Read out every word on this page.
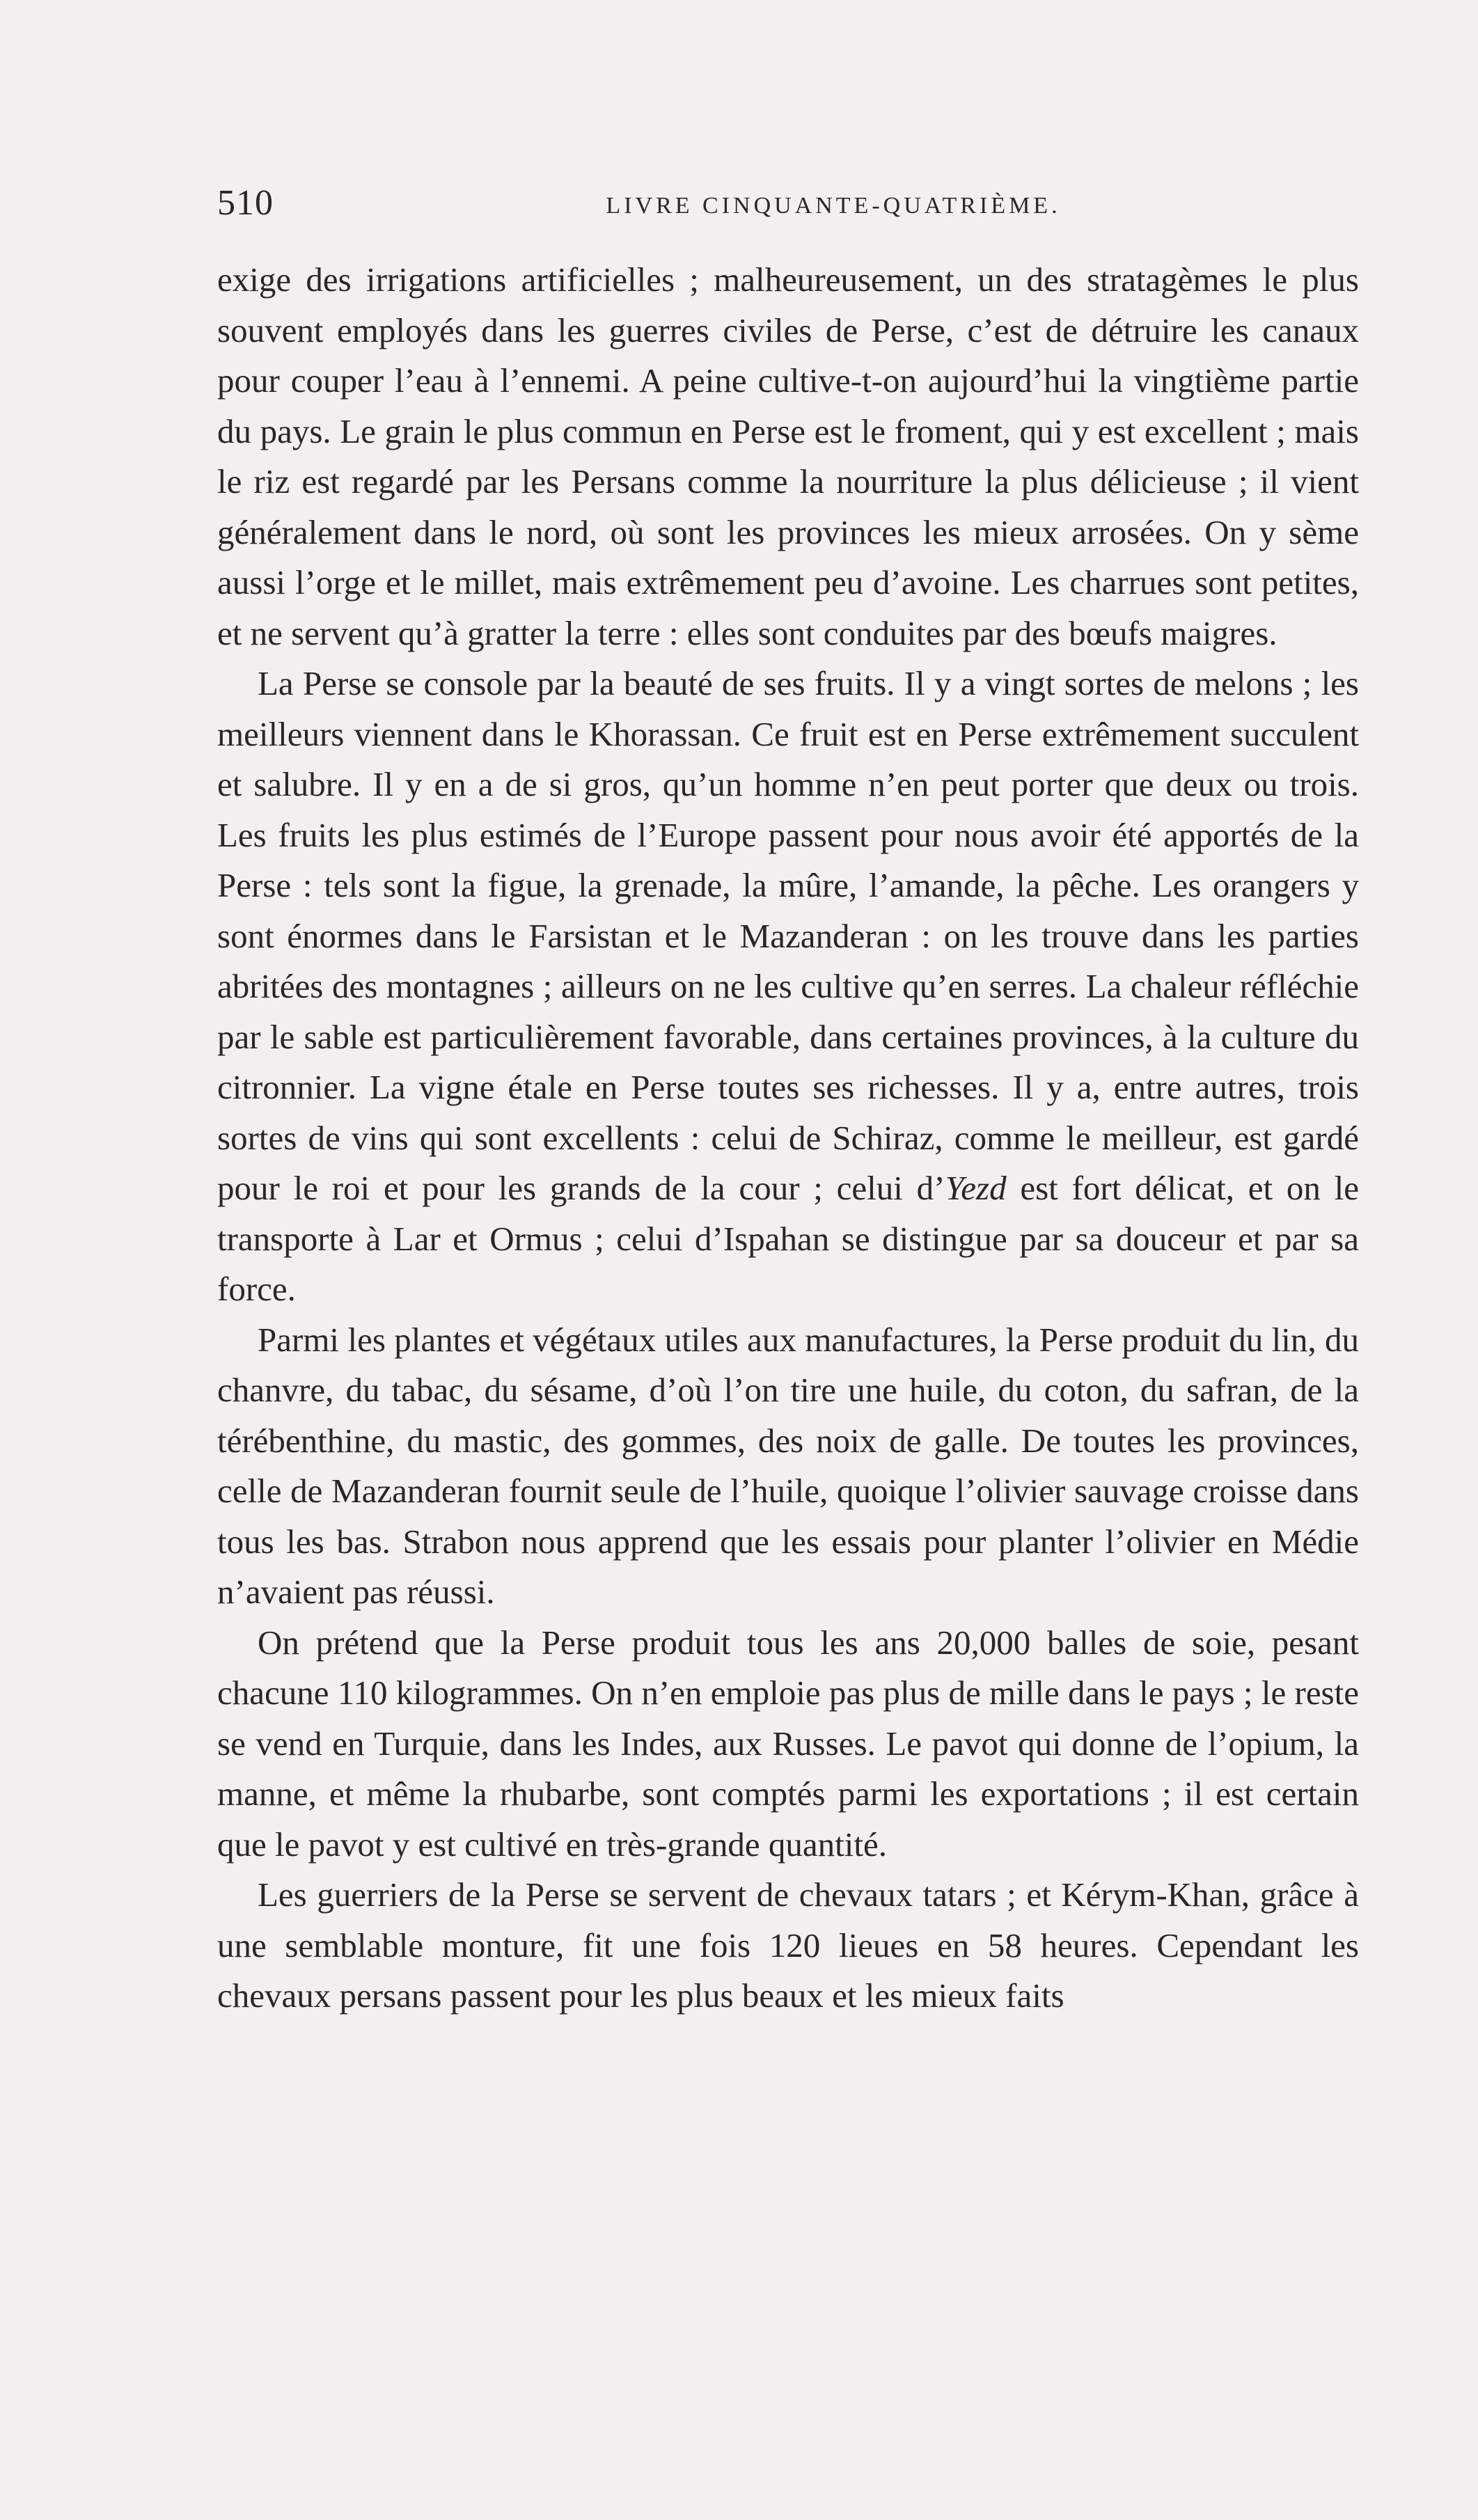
510	LIVRE CINQUANTE-QUATRIÈME.

exige des irrigations artificielles ; malheureusement, un des stratagèmes le plus souvent employés dans les guerres civiles de Perse, c’est de détruire les canaux pour couper l’eau à l’ennemi. A peine cultive-t-on aujourd’hui la vingtième partie du pays. Le grain le plus commun en Perse est le froment, qui y est excellent ; mais le riz est regardé par les Persans comme la nourriture la plus délicieuse ; il vient généralement dans le nord, où sont les provinces les mieux arrosées. On y sème aussi l’orge et le millet, mais extrêmement peu d’avoine. Les charrues sont petites, et ne servent qu’à gratter la terre : elles sont conduites par des bœufs maigres.

La Perse se console par la beauté de ses fruits. Il y a vingt sortes de melons ; les meilleurs viennent dans le Khorassan. Ce fruit est en Perse extrêmement succulent et salubre. Il y en a de si gros, qu’un homme n’en peut porter que deux ou trois. Les fruits les plus estimés de l’Europe passent pour nous avoir été apportés de la Perse : tels sont la figue, la grenade, la mûre, l’amande, la pêche. Les orangers y sont énormes dans le Farsistan et le Mazanderan : on les trouve dans les parties abritées des montagnes ; ailleurs on ne les cultive qu’en serres. La chaleur réfléchie par le sable est particulièrement favorable, dans certaines provinces, à la culture du citronnier. La vigne étale en Perse toutes ses richesses. Il y a, entre autres, trois sortes de vins qui sont excellents : celui de Schiraz, comme le meilleur, est gardé pour le roi et pour les grands de la cour ; celui d’Yezd est fort délicat, et on le transporte à Lar et Ormus ; celui d’Ispahan se distingue par sa douceur et par sa force.

Parmi les plantes et végétaux utiles aux manufactures, la Perse produit du lin, du chanvre, du tabac, du sésame, d’où l’on tire une huile, du coton, du safran, de la térébenthine, du mastic, des gommes, des noix de galle. De toutes les provinces, celle de Mazanderan fournit seule de l’huile, quoique l’olivier sauvage croisse dans tous les bas. Strabon nous apprend que les essais pour planter l’olivier en Médie n’avaient pas réussi.

On prétend que la Perse produit tous les ans 20,000 balles de soie, pesant chacune 110 kilogrammes. On n’en emploie pas plus de mille dans le pays ; le reste se vend en Turquie, dans les Indes, aux Russes. Le pavot qui donne de l’opium, la manne, et même la rhubarbe, sont comptés parmi les exportations ; il est certain que le pavot y est cultivé en très-grande quantité.

Les guerriers de la Perse se servent de chevaux tatars ; et Kérym-Khan, grâce à une semblable monture, fit une fois 120 lieues en 58 heures. Cependant les chevaux persans passent pour les plus beaux et les mieux faits
